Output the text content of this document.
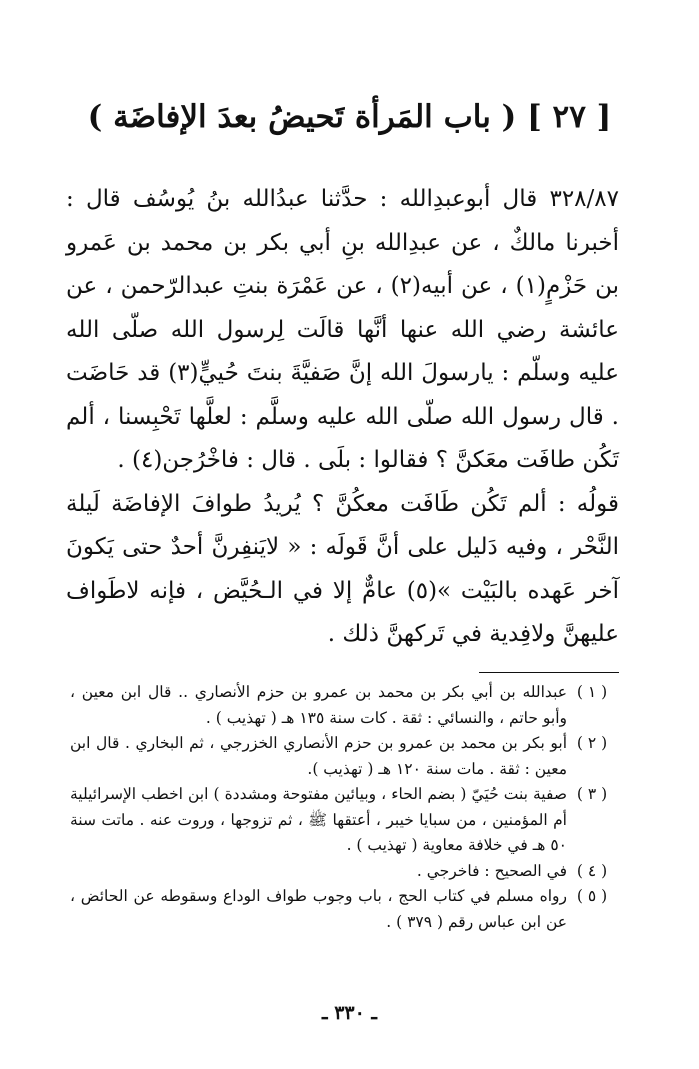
[ ٢٧ ] ( باب المَرأة تَحيضُ بعدَ الإفاضَة )

٣٢٨/٨٧ قال أبوعبدِالله : حدَّثنا عبدُالله بنُ يُوسُف قال : أخبرنا مالكٌ ، عن عبدِالله بنِ أبي بكر بن محمد بن عَمرو بن حَزْمٍ(١) ، عن أبيه(٢) ، عن عَمْرَة بنتِ عبدالرّحمن ، عن عائشة رضي الله عنها أنَّها قالَت لِرسول الله صلّى الله عليه وسلّم : يارسولَ الله إنَّ صَفيَّةَ بنتَ حُييٍّ(٣) قد حَاضَت . قال رسول الله صلّى الله عليه وسلَّم : لعلَّها تَحْبِسنا ، ألم تَكُن طافَت معَكنَّ ؟ فقالوا : بلَى . قال : فاخْرُجن(٤) .

قولُه : ألم تَكُن طَافَت معكُنَّ ؟ يُريدُ طوافَ الإفاضَة لَيلة النَّحْر ، وفيه دَليل على أنَّ قَولَه : « لايَنفِرنَّ أحدٌ حتى يَكونَ آخر عَهده بالبَيْت »(٥) عامٌّ إلا في الـحُيَّض ، فإنه لاطَواف عليهنَّ ولافِدية في تَركهنَّ ذلك .

( ١ )
عبدالله بن أبي بكر بن محمد بن عمرو بن حزم الأنصاري .. قال ابن معين ، وأبو حاتم ، والنسائي : ثقة . كات سنة ١٣٥ هـ ( تهذيب ) .
( ٢ )
أبو بكر بن محمد بن عمرو بن حزم الأنصاري الخزرجي ، ثم البخاري . قال ابن معين : ثقة . مات سنة ١٢٠ هـ ( تهذيب ).
( ٣ )
صفية بنت حُيَيّ ( بضم الحاء ، وبيائين مفتوحة ومشددة ) ابن اخطب الإسرائيلية أم المؤمنين ، من سبايا خيبر ، أعتقها ﷺ ، ثم تزوجها ، وروت عنه . ماتت سنة ٥٠ هـ في خلافة معاوية ( تهذيب ) .
( ٤ )
في الصحيح : فاخرجي .
( ٥ )
رواه مسلم في كتاب الحج ، باب وجوب طواف الوداع وسقوطه عن الحائض ، عن ابن عباس رقم ( ٣٧٩ ) .
ـ ٣٣٠ ـ
